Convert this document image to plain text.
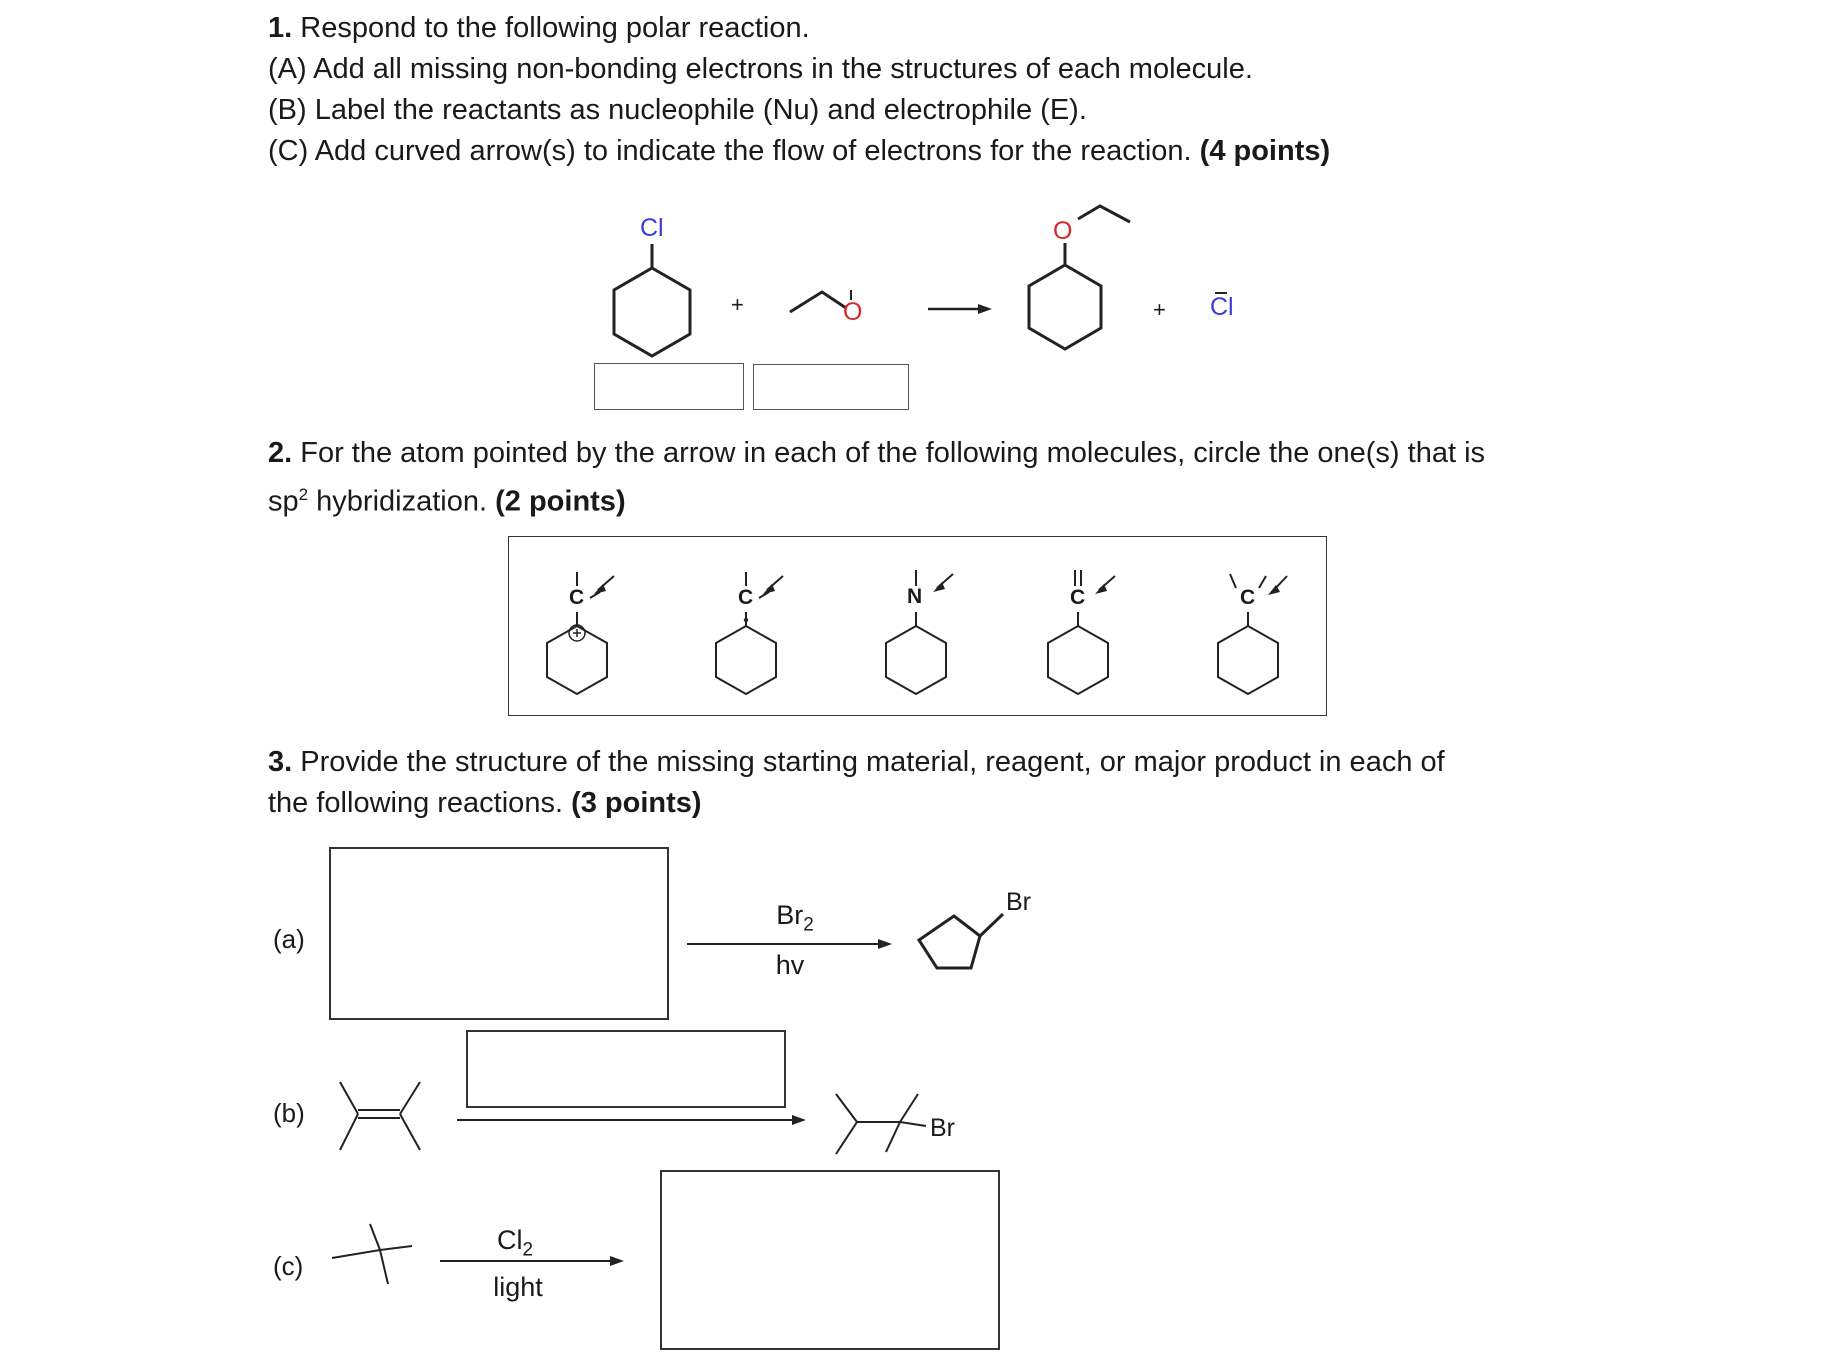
1. Respond to the following polar reaction.
(A) Add all missing non-bonding electrons in the structures of each molecule.
(B) Label the reactants as nucleophile (Nu) and electrophile (E).
(C) Add curved arrow(s) to indicate the flow of electrons for the reaction. (4 points)
Cl
+	O
O
+ Cl
2. For the atom pointed by the arrow in each of the following molecules, circle the one(s) that is
$sp^2$ hybridization. (2 points)
C	C	N	C	C
3. Provide the structure of the missing starting material, reagent, or major product in each of
the following reactions. (3 points)
(a)
$Br_2$
hv
Br
(b)	Br
(c)
$Cl_2$
light
